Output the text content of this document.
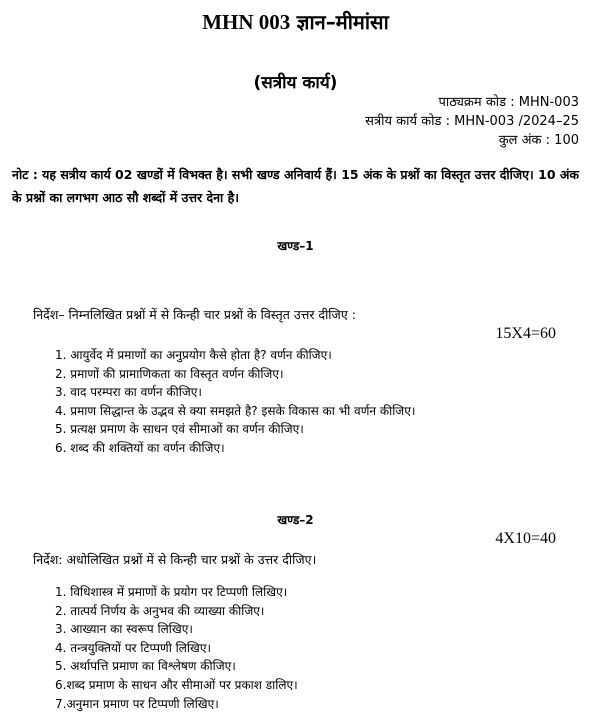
MHN 003 ज्ञान–मीमांसा
(सत्रीय कार्य)
पाठ्यक्रम कोड : MHN-003
सत्रीय कार्य कोड : MHN-003 /2024–25
कुल अंक : 100
नोट : यह सत्रीय कार्य 02 खण्डों में विभक्त है। सभी खण्ड अनिवार्य हैं। 15 अंक के प्रश्नों का विस्तृत उत्तर दीजिए। 10 अंक के प्रश्नों का लगभग आठ सौ शब्दों में उत्तर देना है।
खण्ड–1
निर्देश– निम्नलिखित प्रश्नों में से किन्ही चार प्रश्नों के विस्तृत उत्तर दीजिए :
15X4=60
1. आयुर्वेद में प्रमाणों का अनुप्रयोग कैसे होता है? वर्णन कीजिए।
2. प्रमाणों की प्रामाणिकता का विस्तृत वर्णन कीजिए।
3. वाद परम्परा का वर्णन कीजिए।
4. प्रमाण सिद्धान्त के उद्भव से क्या समझते है? इसके विकास का भी वर्णन कीजिए।
5. प्रत्यक्ष प्रमाण के साधन एवं सीमाओं का वर्णन कीजिए।
6. शब्द की शक्तियों का वर्णन कीजिए।
खण्ड–2
4X10=40
निर्देश: अधोलिखित प्रश्नों में से किन्ही चार प्रश्नों के उत्तर दीजिए।
1. विधिशास्त्र में प्रमाणों के प्रयोग पर टिप्पणी लिखिए।
2. तात्पर्य निर्णय के अनुभव की व्याख्या कीजिए।
3. आख्यान का स्वरूप लिखिए।
4. तन्त्रयुक्तियों पर टिप्पणी लिखिए।
5. अर्थापत्ति प्रमाण का विश्लेषण कीजिए।
6.शब्द प्रमाण के साधन और सीमाओं पर प्रकाश डालिए।
7.अनुमान प्रमाण पर टिप्पणी लिखिए।
